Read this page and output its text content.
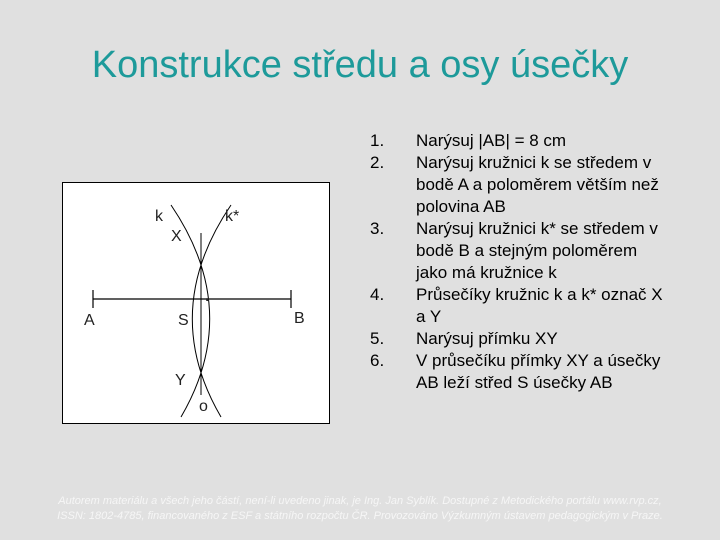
Konstrukce středu a osy úsečky
k	k*
X
A	S	B
.
Y
o
1. Narýsuj |AB| = 8 cm
2. Narýsuj kružnici k se středem v bodě A a poloměrem větším než polovina AB
3. Narýsuj kružnici k* se středem v bodě B a stejným poloměrem jako má kružnice k
4. Průsečíky kružnic k a k* označ X a Y
5. Narýsuj přímku XY
6. V průsečíku přímky XY a úsečky AB leží střed S úsečky AB
Autorem materiálu a všech jeho částí, není-li uvedeno jinak, je Ing. Jan Syblík. Dostupné z Metodického portálu www.rvp.cz, ISSN: 1802-4785, financovaného z ESF a státního rozpočtu ČR. Provozováno Výzkumným ústavem pedagogickým v Praze.
